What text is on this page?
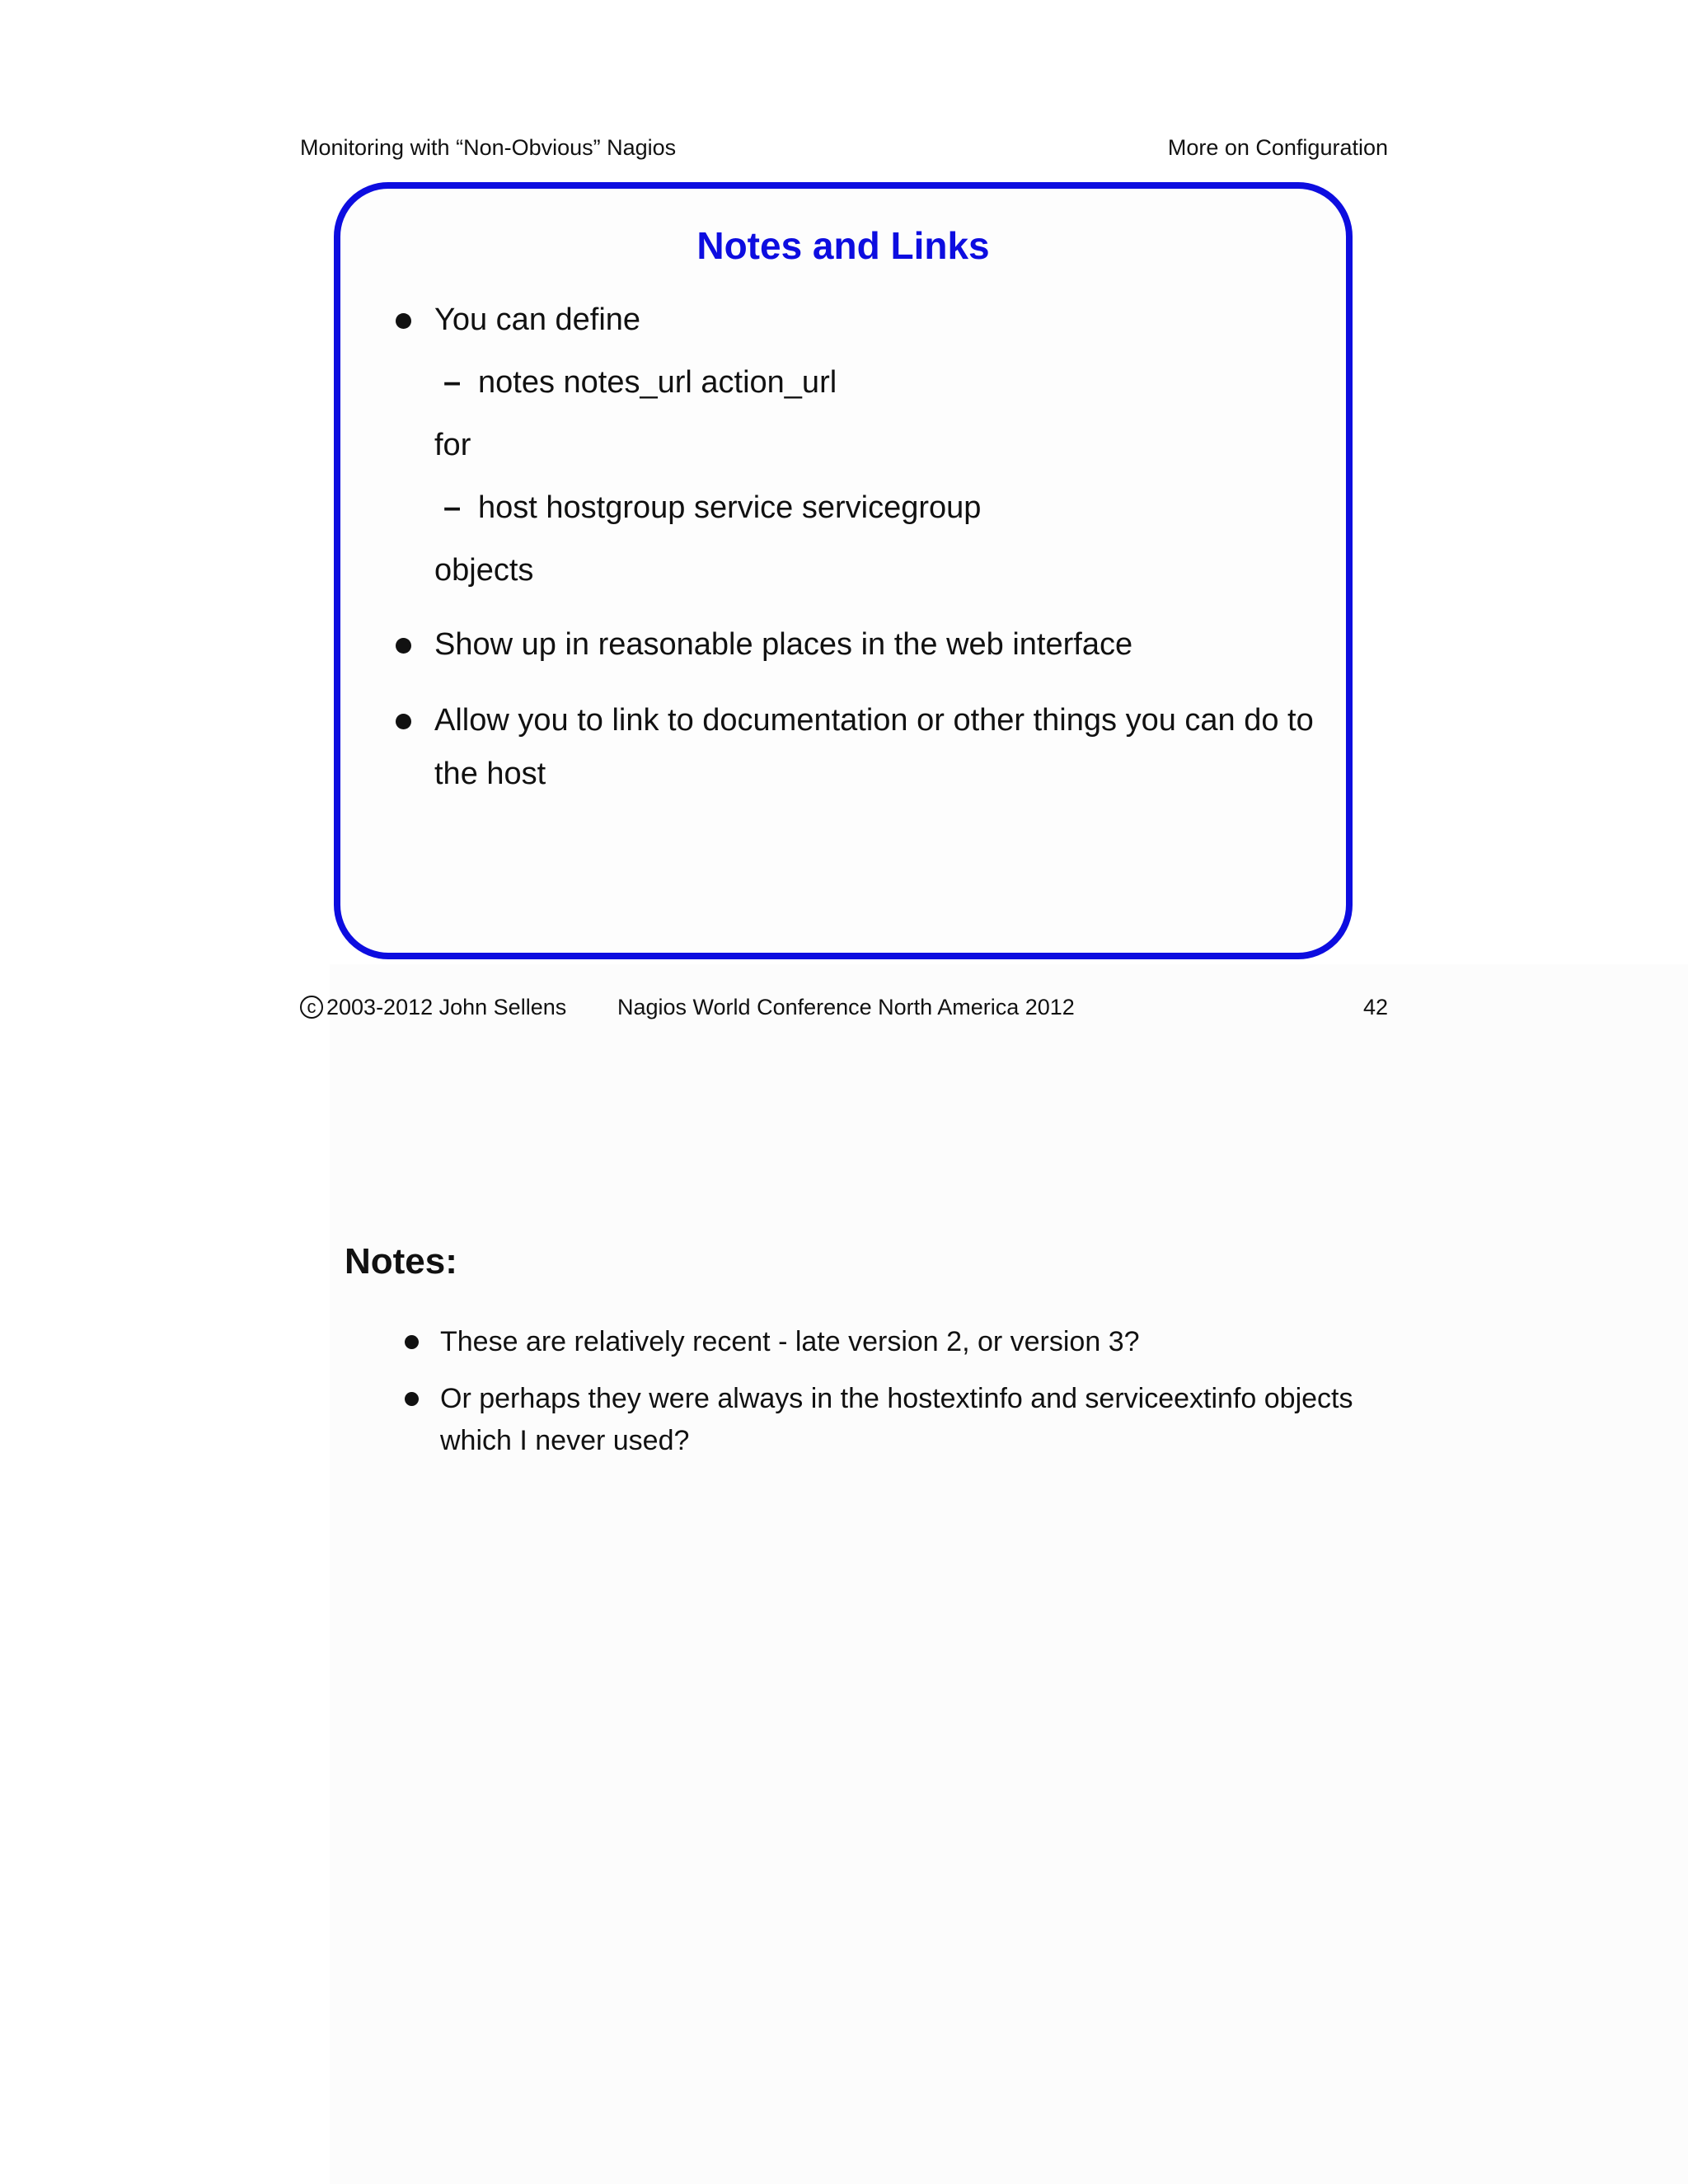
Monitoring with “Non-Obvious” Nagios	More on Configuration
Notes and Links
You can define
– notes notes_url action_url
for
– host hostgroup service servicegroup
objects
Show up in reasonable places in the web interface
Allow you to link to documentation or other things you can do to
the host
c 2003-2012 John Sellens Nagios World Conference North America 2012	42
Notes:
These are relatively recent - late version 2, or version 3?
Or perhaps they were always in the hostextinfo and serviceextinfo objects
which I never used?
